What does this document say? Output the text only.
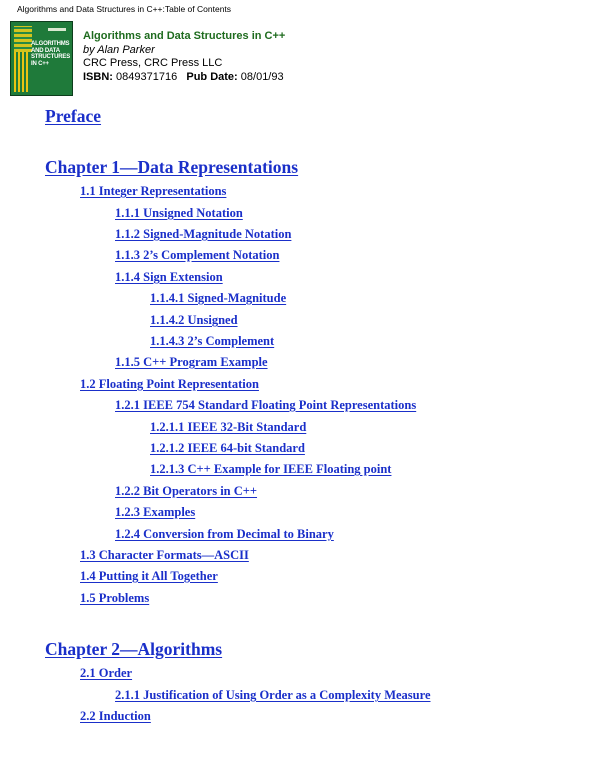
Algorithms and Data Structures in C++:Table of Contents
ALGORITHMS AND DATA STRUCTURES IN C++
Algorithms and Data Structures in C++
by Alan Parker
CRC Press, CRC Press LLC
ISBN: 0849371716 Pub Date: 08/01/93
Preface
Chapter 1—Data Representations
1.1 Integer Representations
1.1.1 Unsigned Notation
1.1.2 Signed-Magnitude Notation
1.1.3 2’s Complement Notation
1.1.4 Sign Extension
1.1.4.1 Signed-Magnitude
1.1.4.2 Unsigned
1.1.4.3 2’s Complement
1.1.5 C++ Program Example
1.2 Floating Point Representation
1.2.1 IEEE 754 Standard Floating Point Representations
1.2.1.1 IEEE 32-Bit Standard
1.2.1.2 IEEE 64-bit Standard
1.2.1.3 C++ Example for IEEE Floating point
1.2.2 Bit Operators in C++
1.2.3 Examples
1.2.4 Conversion from Decimal to Binary
1.3 Character Formats—ASCII
1.4 Putting it All Together
1.5 Problems
Chapter 2—Algorithms
2.1 Order
2.1.1 Justification of Using Order as a Complexity Measure
2.2 Induction
